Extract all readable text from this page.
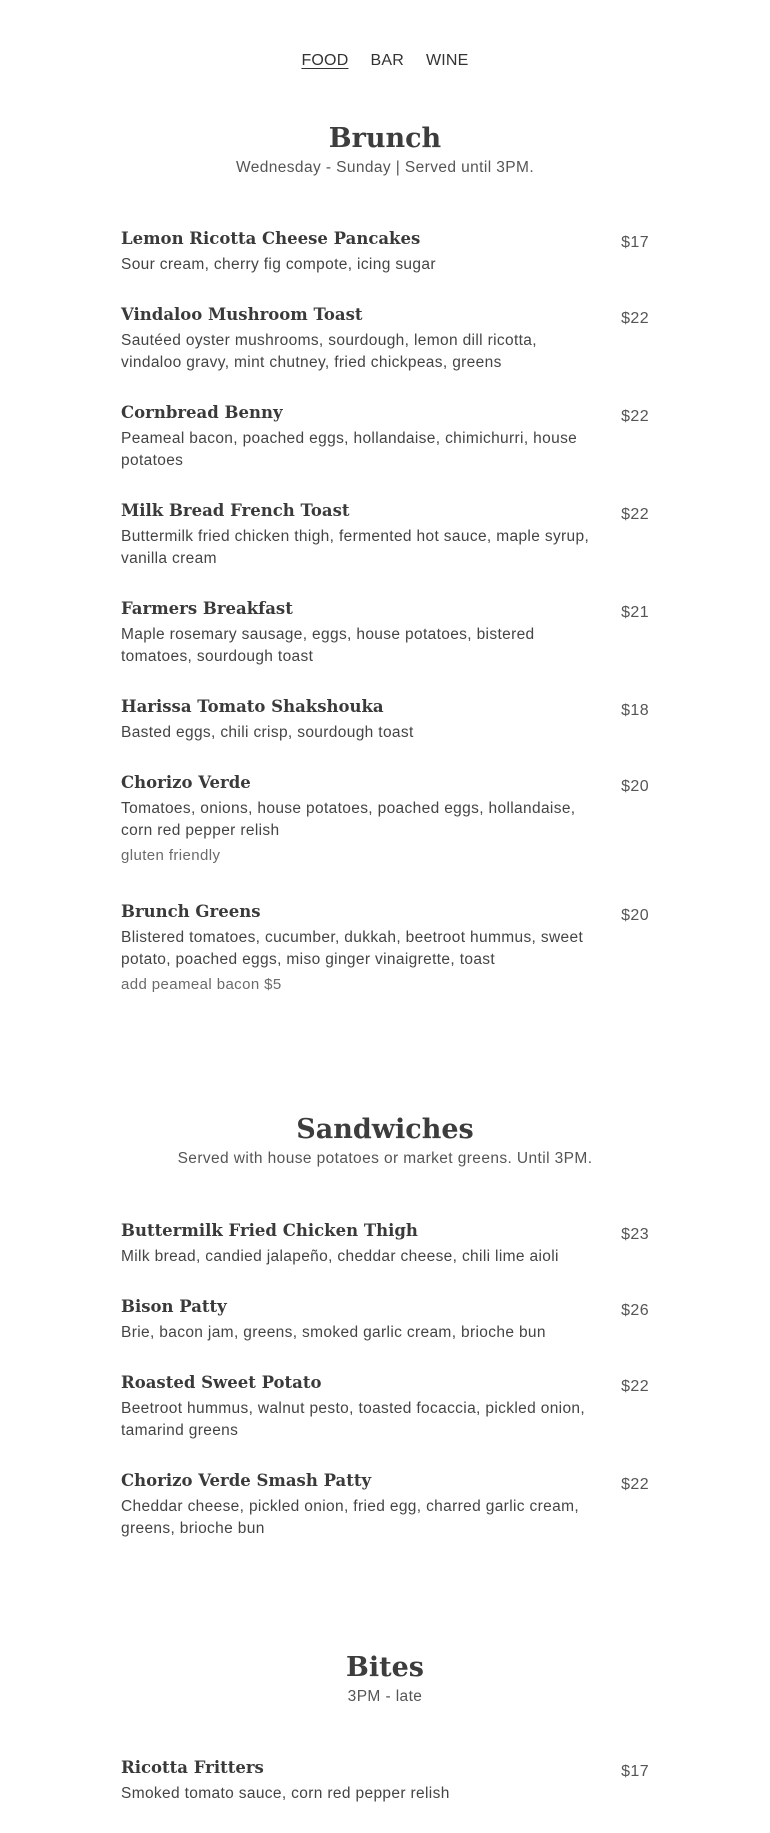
FOOD BAR WINE
Brunch
Wednesday - Sunday | Served until 3PM.
Lemon Ricotta Cheese Pancakes
Sour cream, cherry fig compote, icing sugar
$17
Vindaloo Mushroom Toast
Sautéed oyster mushrooms, sourdough, lemon dill ricotta, vindaloo gravy, mint chutney, fried chickpeas, greens
$22
Cornbread Benny
Peameal bacon, poached eggs, hollandaise, chimichurri, house potatoes
$22
Milk Bread French Toast
Buttermilk fried chicken thigh, fermented hot sauce, maple syrup, vanilla cream
$22
Farmers Breakfast
Maple rosemary sausage, eggs, house potatoes, bistered tomatoes, sourdough toast
$21
Harissa Tomato Shakshouka
Basted eggs, chili crisp, sourdough toast
$18
Chorizo Verde
Tomatoes, onions, house potatoes, poached eggs, hollandaise, corn red pepper relish
gluten friendly
$20
Brunch Greens
Blistered tomatoes, cucumber, dukkah, beetroot hummus, sweet potato, poached eggs, miso ginger vinaigrette, toast
add peameal bacon $5
$20
Sandwiches
Served with house potatoes or market greens. Until 3PM.
Buttermilk Fried Chicken Thigh
Milk bread, candied jalapeño, cheddar cheese, chili lime aioli
$23
Bison Patty
Brie, bacon jam, greens, smoked garlic cream, brioche bun
$26
Roasted Sweet Potato
Beetroot hummus, walnut pesto, toasted focaccia, pickled onion, tamarind greens
$22
Chorizo Verde Smash Patty
Cheddar cheese, pickled onion, fried egg, charred garlic cream, greens, brioche bun
$22
Bites
3PM - late
Ricotta Fritters
Smoked tomato sauce, corn red pepper relish
$17
